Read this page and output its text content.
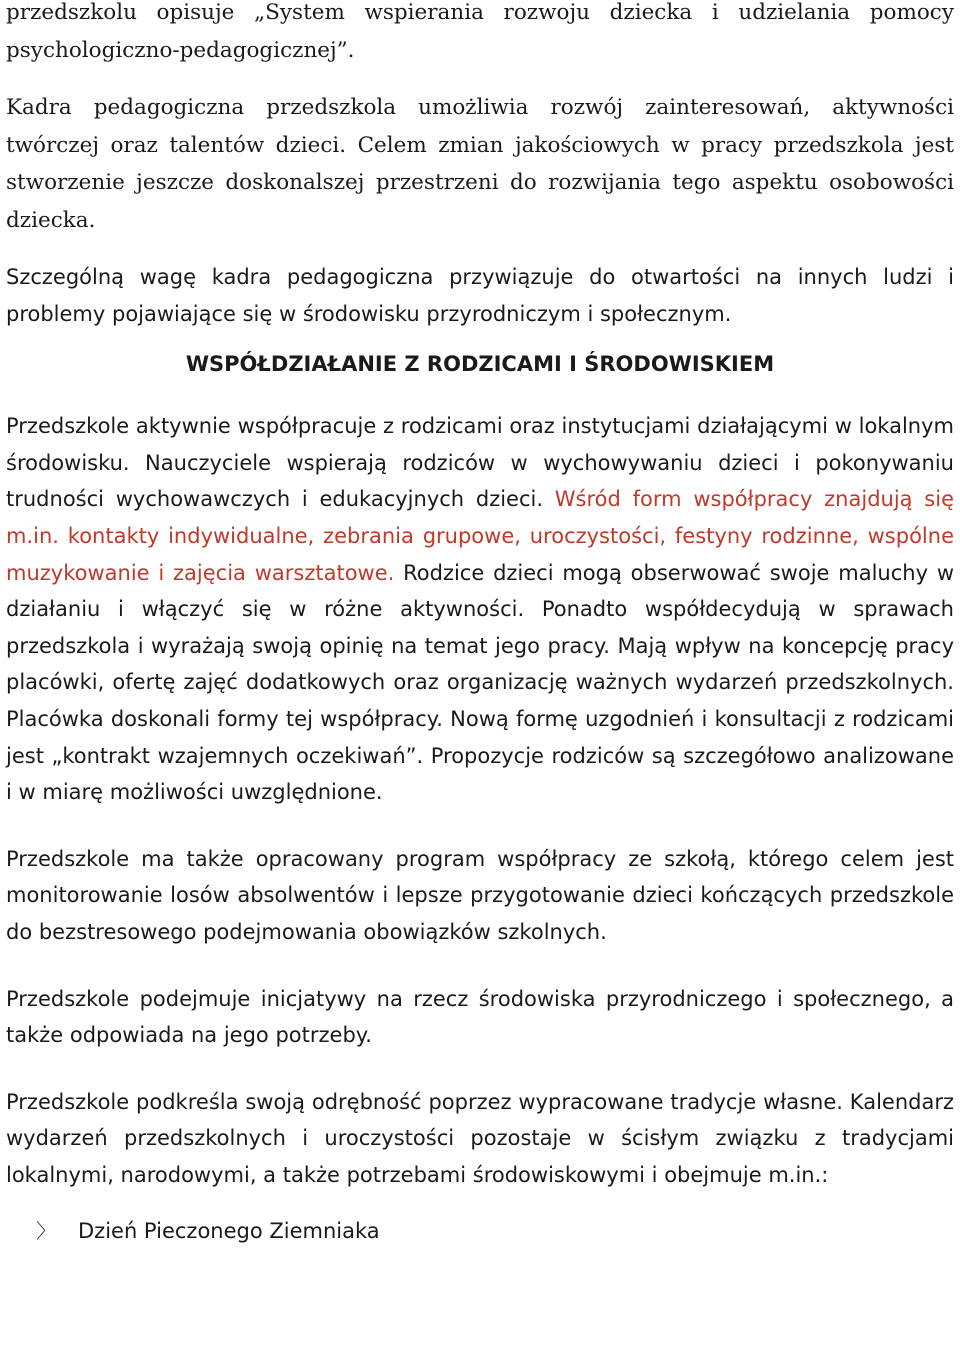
przedszkolu opisuje „System wspierania rozwoju dziecka i udzielania pomocy psychologiczno-pedagogicznej”.

Kadra pedagogiczna przedszkola umożliwia rozwój zainteresowań, aktywności twórczej oraz talentów dzieci. Celem zmian jakościowych w pracy przedszkola jest stworzenie jeszcze doskonalszej przestrzeni do rozwijania tego aspektu osobowości dziecka.

Szczególną wagę kadra pedagogiczna przywiązuje do otwartości na innych ludzi i problemy pojawiające się w środowisku przyrodniczym i społecznym.

WSPÓŁDZIAŁANIE Z RODZICAMI I ŚRODOWISKIEM

Przedszkole aktywnie współpracuje z rodzicami oraz instytucjami działającymi w lokalnym środowisku. Nauczyciele wspierają rodziców w wychowywaniu dzieci i pokonywaniu trudności wychowawczych i edukacyjnych dzieci. Wśród form współpracy znajdują się m.in. kontakty indywidualne, zebrania grupowe, uroczystości, festyny rodzinne, wspólne muzykowanie i zajęcia warsztatowe. Rodzice dzieci mogą obserwować swoje maluchy w działaniu i włączyć się w różne aktywności. Ponadto współdecydują w sprawach przedszkola i wyrażają swoją opinię na temat jego pracy. Mają wpływ na koncepcję pracy placówki, ofertę zajęć dodatkowych oraz organizację ważnych wydarzeń przedszkolnych. Placówka doskonali formy tej współpracy. Nową formę uzgodnień i konsultacji z rodzicami jest „kontrakt wzajemnych oczekiwań”. Propozycje rodziców są szczegółowo analizowane i w miarę możliwości uwzględnione.

Przedszkole ma także opracowany program współpracy ze szkołą, którego celem jest monitorowanie losów absolwentów i lepsze przygotowanie dzieci kończących przedszkole do bezstresowego podejmowania obowiązków szkolnych.

Przedszkole podejmuje inicjatywy na rzecz środowiska przyrodniczego i społecznego, a także odpowiada na jego potrzeby.

Przedszkole podkreśla swoją odrębność poprzez wypracowane tradycje własne. Kalendarz wydarzeń przedszkolnych i uroczystości pozostaje w ścisłym związku z tradycjami lokalnymi, narodowymi, a także potrzebami środowiskowymi i obejmuje m.in.:

〉	Dzień Pieczonego Ziemniaka
